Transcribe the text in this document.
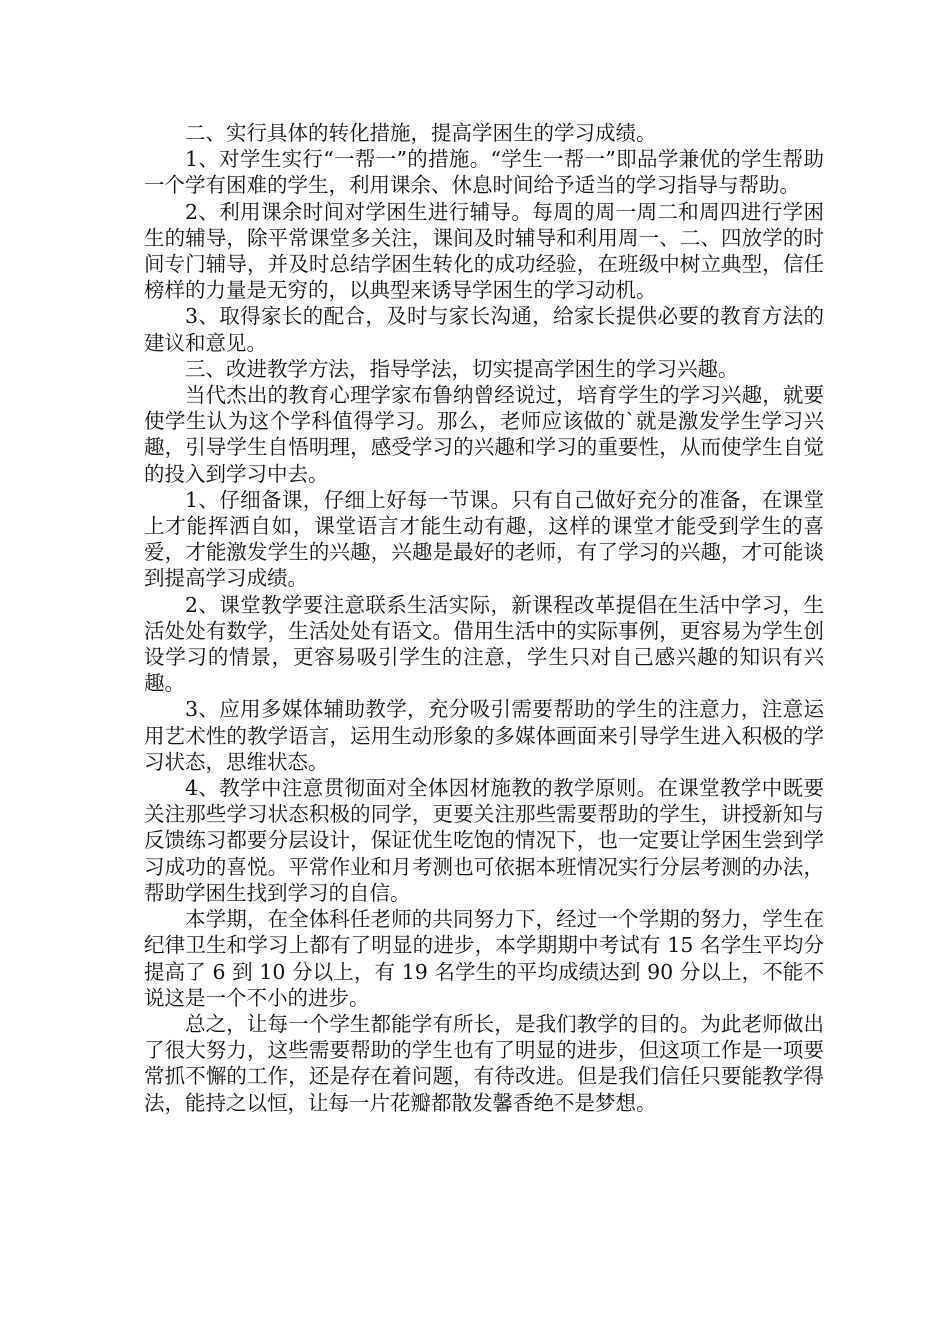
二、实行具体的转化措施，提高学困生的学习成绩。

1、对学生实行“一帮一”的措施。“学生一帮一”即品学兼优的学生帮助一个学有困难的学生，利用课余、休息时间给予适当的学习指导与帮助。

2、利用课余时间对学困生进行辅导。每周的周一周二和周四进行学困生的辅导，除平常课堂多关注，课间及时辅导和利用周一、二、四放学的时间专门辅导，并及时总结学困生转化的成功经验，在班级中树立典型，信任榜样的力量是无穷的，以典型来诱导学困生的学习动机。

3、取得家长的配合，及时与家长沟通，给家长提供必要的教育方法的建议和意见。

三、改进教学方法，指导学法，切实提高学困生的学习兴趣。

当代杰出的教育心理学家布鲁纳曾经说过，培育学生的学习兴趣，就要使学生认为这个学科值得学习。那么，老师应该做的`就是激发学生学习兴趣，引导学生自悟明理，感受学习的兴趣和学习的重要性，从而使学生自觉的投入到学习中去。

1、仔细备课，仔细上好每一节课。只有自己做好充分的准备，在课堂上才能挥洒自如，课堂语言才能生动有趣，这样的课堂才能受到学生的喜爱，才能激发学生的兴趣，兴趣是最好的老师，有了学习的兴趣，才可能谈到提高学习成绩。

2、课堂教学要注意联系生活实际，新课程改革提倡在生活中学习，生活处处有数学，生活处处有语文。借用生活中的实际事例，更容易为学生创设学习的情景，更容易吸引学生的注意，学生只对自己感兴趣的知识有兴趣。

3、应用多媒体辅助教学，充分吸引需要帮助的学生的注意力，注意运用艺术性的教学语言，运用生动形象的多媒体画面来引导学生进入积极的学习状态，思维状态。

4、教学中注意贯彻面对全体因材施教的教学原则。在课堂教学中既要关注那些学习状态积极的同学，更要关注那些需要帮助的学生，讲授新知与反馈练习都要分层设计，保证优生吃饱的情况下，也一定要让学困生尝到学习成功的喜悦。平常作业和月考测也可依据本班情况实行分层考测的办法，帮助学困生找到学习的自信。

本学期，在全体科任老师的共同努力下，经过一个学期的努力，学生在纪律卫生和学习上都有了明显的进步，本学期期中考试有 15 名学生平均分提高了 6 到 10 分以上，有 19 名学生的平均成绩达到 90 分以上，不能不说这是一个不小的进步。

总之，让每一个学生都能学有所长，是我们教学的目的。为此老师做出了很大努力，这些需要帮助的学生也有了明显的进步，但这项工作是一项要常抓不懈的工作，还是存在着问题，有待改进。但是我们信任只要能教学得法，能持之以恒，让每一片花瓣都散发馨香绝不是梦想。
